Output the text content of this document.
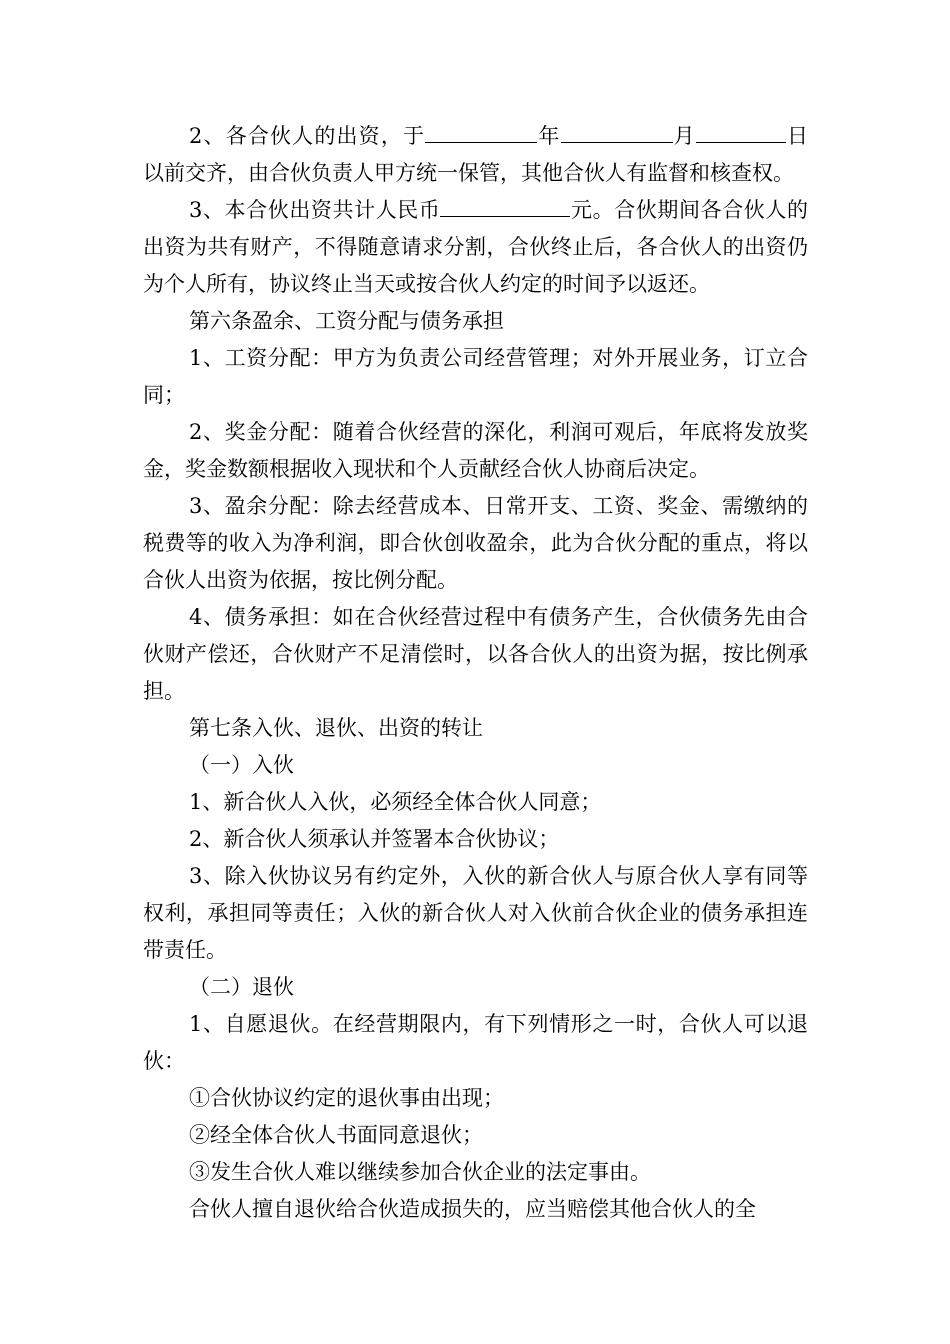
2、各合伙人的出资，于	年	月	日以前交齐，由合伙负责人甲方统一保管，其他合伙人有监督和核查权。

3、本合伙出资共计人民币	元。合伙期间各合伙人的出资为共有财产，不得随意请求分割，合伙终止后，各合伙人的出资仍为个人所有，协议终止当天或按合伙人约定的时间予以返还。

第六条盈余、工资分配与债务承担

1、工资分配：甲方为负责公司经营管理；对外开展业务，订立合同；

2、奖金分配：随着合伙经营的深化，利润可观后，年底将发放奖金，奖金数额根据收入现状和个人贡献经合伙人协商后决定。

3、盈余分配：除去经营成本、日常开支、工资、奖金、需缴纳的税费等的收入为净利润，即合伙创收盈余，此为合伙分配的重点，将以合伙人出资为依据，按比例分配。

4、债务承担：如在合伙经营过程中有债务产生，合伙债务先由合伙财产偿还，合伙财产不足清偿时，以各合伙人的出资为据，按比例承担。

第七条入伙、退伙、出资的转让

（一）入伙

1、新合伙人入伙，必须经全体合伙人同意；

2、新合伙人须承认并签署本合伙协议；

3、除入伙协议另有约定外，入伙的新合伙人与原合伙人享有同等权利，承担同等责任；入伙的新合伙人对入伙前合伙企业的债务承担连带责任。

（二）退伙

1、自愿退伙。在经营期限内，有下列情形之一时，合伙人可以退伙：

①合伙协议约定的退伙事由出现；

②经全体合伙人书面同意退伙；

③发生合伙人难以继续参加合伙企业的法定事由。

合伙人擅自退伙给合伙造成损失的，应当赔偿其他合伙人的全
